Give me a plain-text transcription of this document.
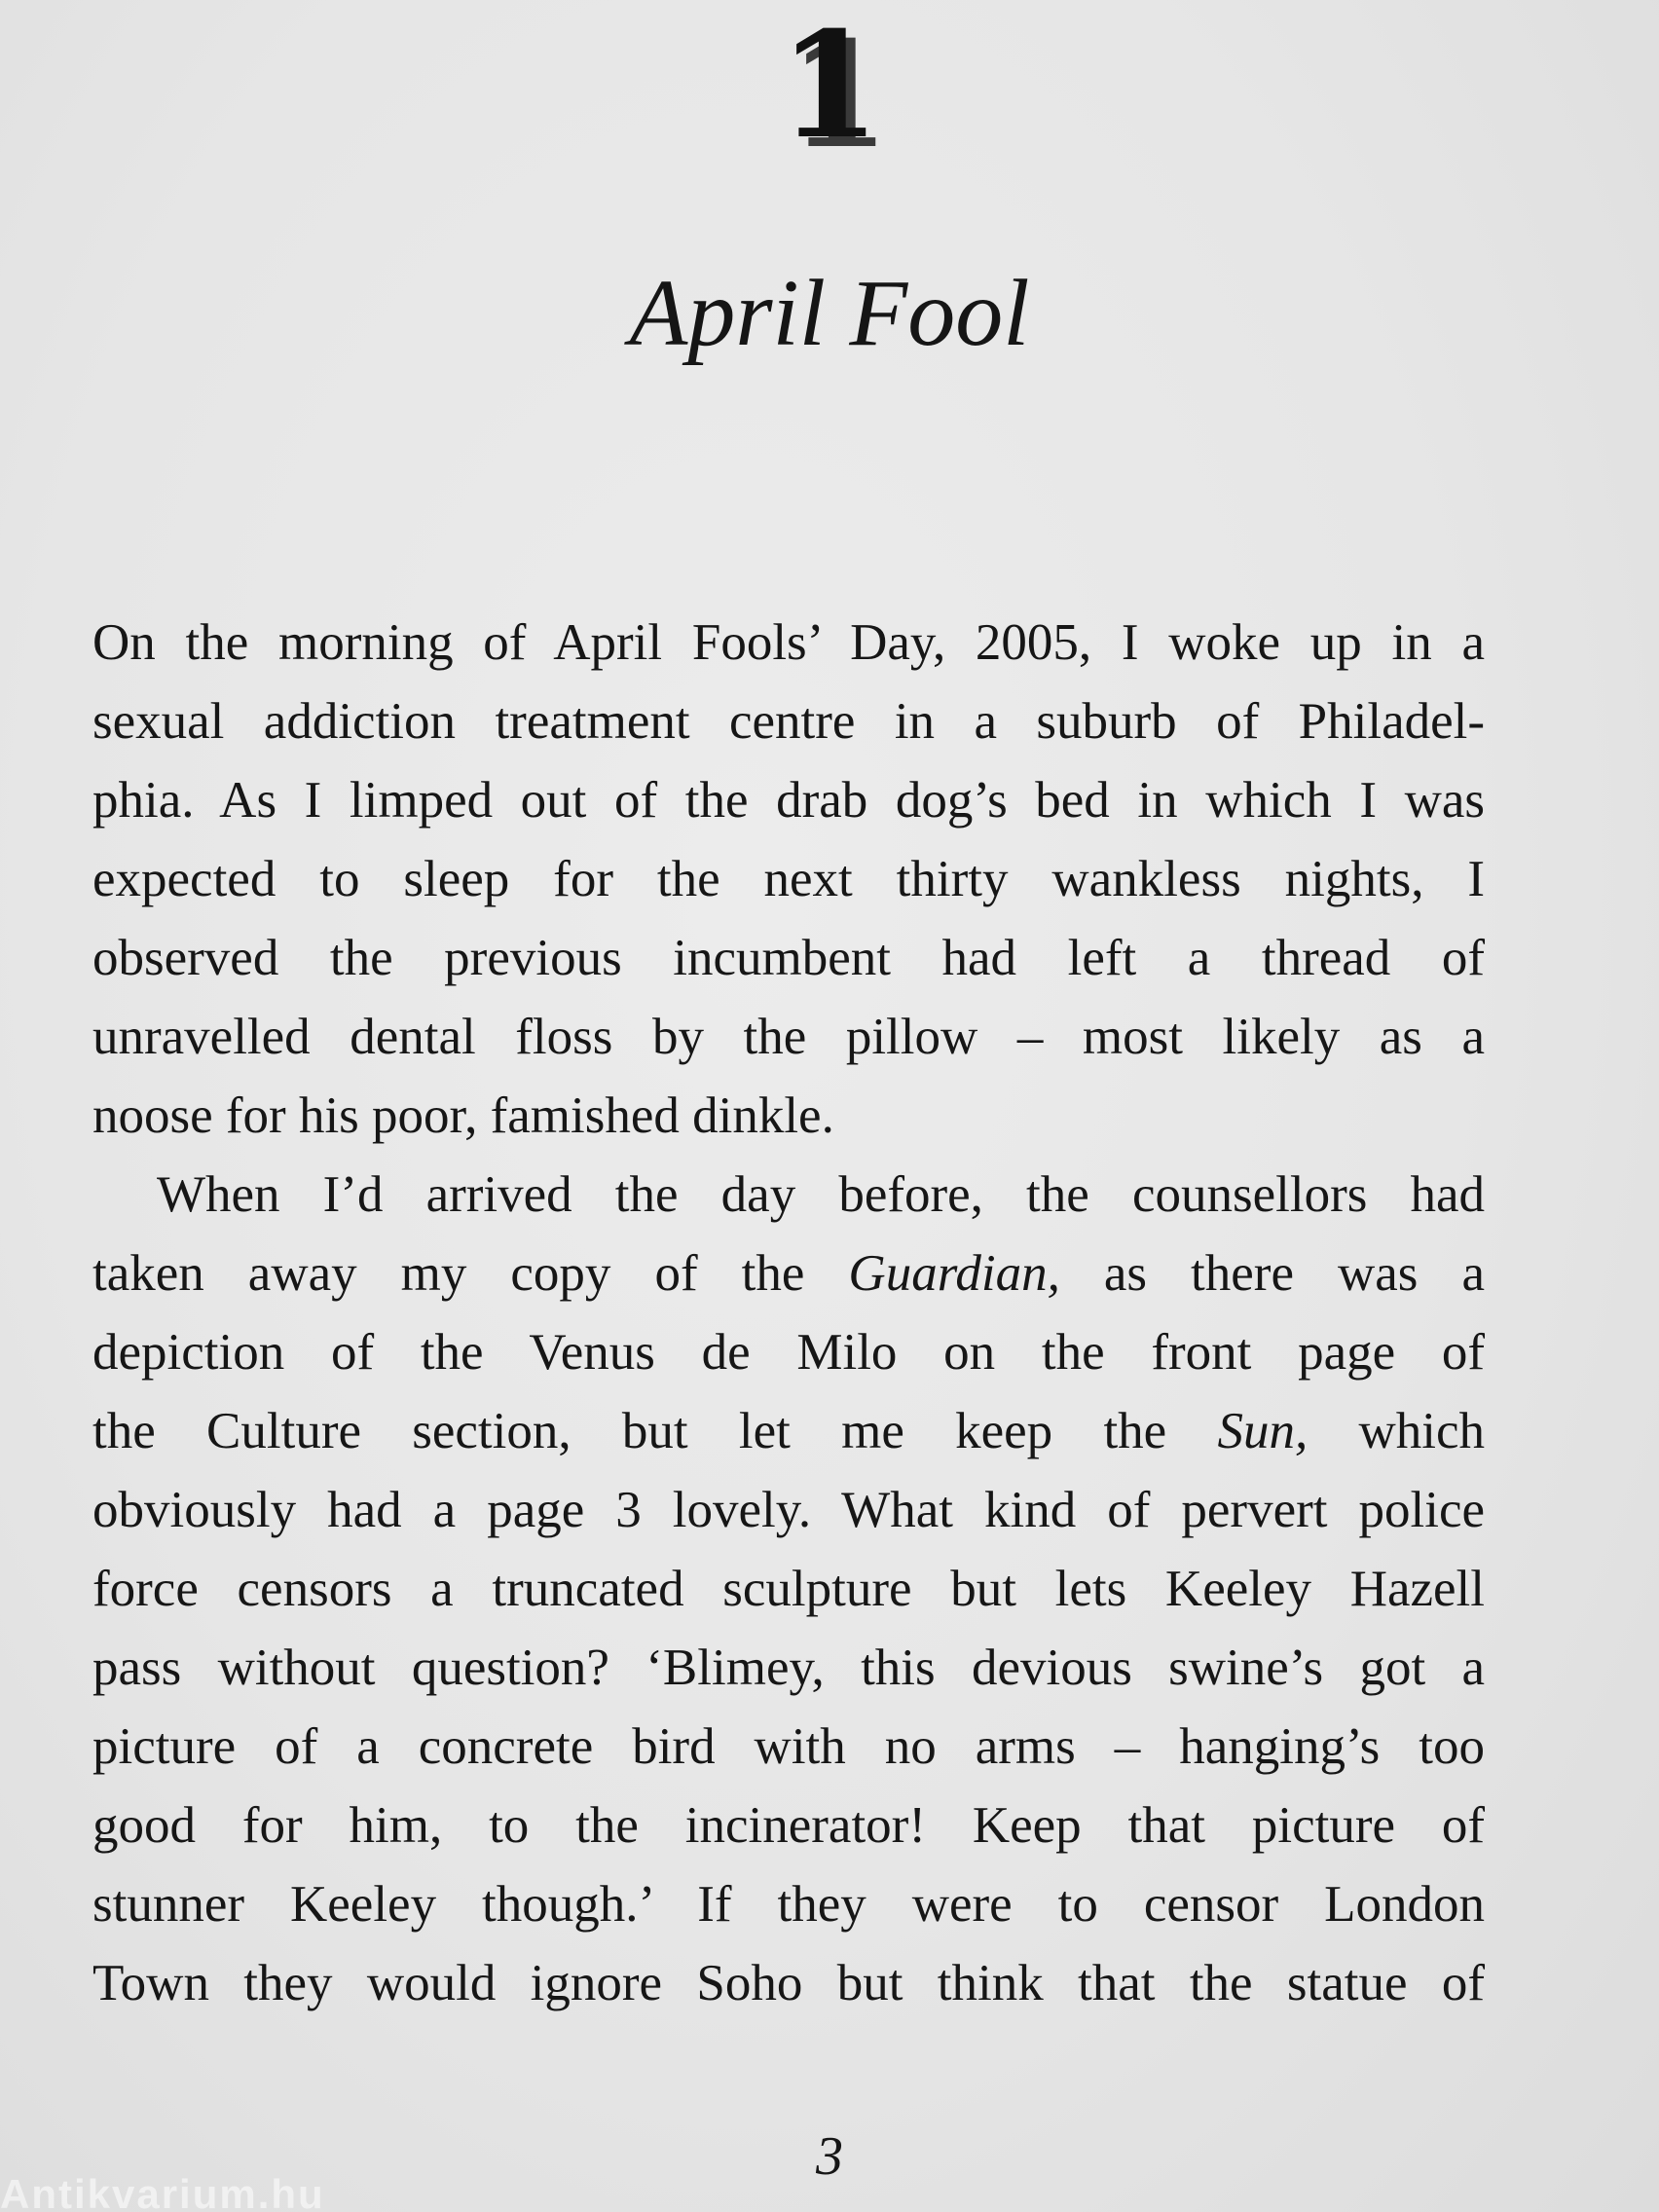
1
April Fool

On the morning of April Fools’ Day, 2005, I woke up in a
sexual addiction treatment centre in a suburb of Philadel-
phia. As I limped out of the drab dog’s bed in which I was
expected to sleep for the next thirty wankless nights, I
observed the previous incumbent had left a thread of
unravelled dental floss by the pillow – most likely as a
noose for his poor, famished dinkle.

When I’d arrived the day before, the counsellors had
taken away my copy of the Guardian, as there was a
depiction of the Venus de Milo on the front page of
the Culture section, but let me keep the Sun, which
obviously had a page 3 lovely. What kind of pervert police
force censors a truncated sculpture but lets Keeley Hazell
pass without question? ‘Blimey, this devious swine’s got a
picture of a concrete bird with no arms – hanging’s too
good for him, to the incinerator! Keep that picture of
stunner Keeley though.’ If they were to censor London
Town they would ignore Soho but think that the statue of

3
Antikvarium.hu
